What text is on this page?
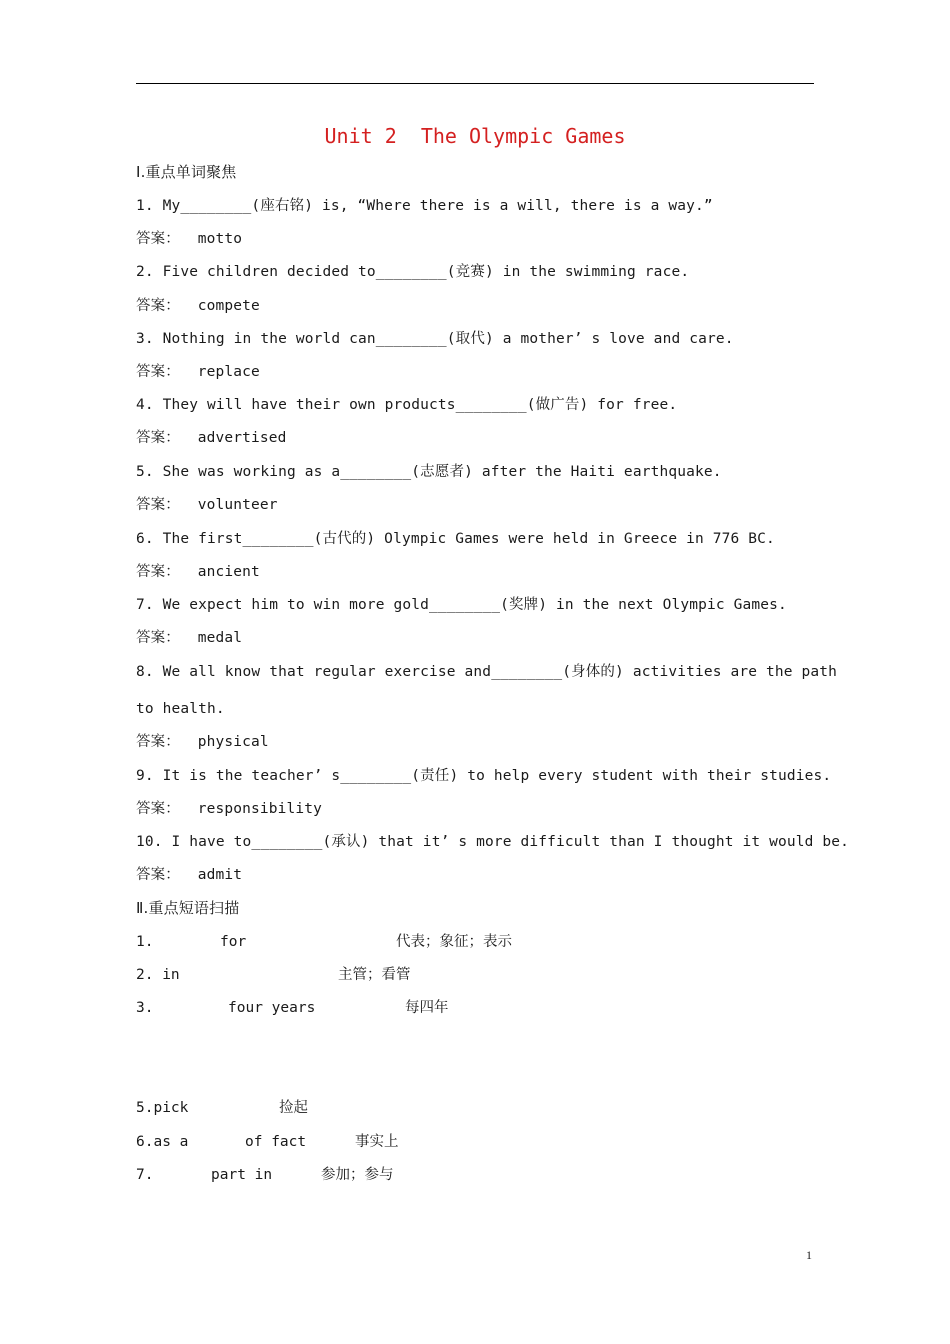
Unit 2  The Olympic Games
Ⅰ.重点单词聚焦
1. My________(座右铭) is, “Where there is a will, there is a way.”
答案： motto
2. Five children decided to________(竞赛) in the swimming race.
答案： compete
3. Nothing in the world can________(取代) a mother’ s love and care.
答案： replace
4. They will have their own products________(做广告) for free.
答案： advertised
5. She was working as a________(志愿者) after the Haiti earthquake.
答案： volunteer
6. The first________(古代的) Olympic Games were held in Greece in 776 BC.
答案： ancient
7. We expect him to win more gold________(奖牌) in the next Olympic Games.
答案： medal
8. We all know that regular exercise and________(身体的) activities are the path
to health.
答案： physical
9. It is the teacher’ s________(责任) to help every student with their studies.
答案： responsibility
10. I have to________(承认) that it’ s more difficult than I thought it would be.
答案： admit
Ⅱ.重点短语扫描
1.	for	代表；象征；表示
2. in	主管；看管
3.	four years	每四年
5.pick	捡起
6.as a	of fact	事实上
7.	part in	参加；参与
1
